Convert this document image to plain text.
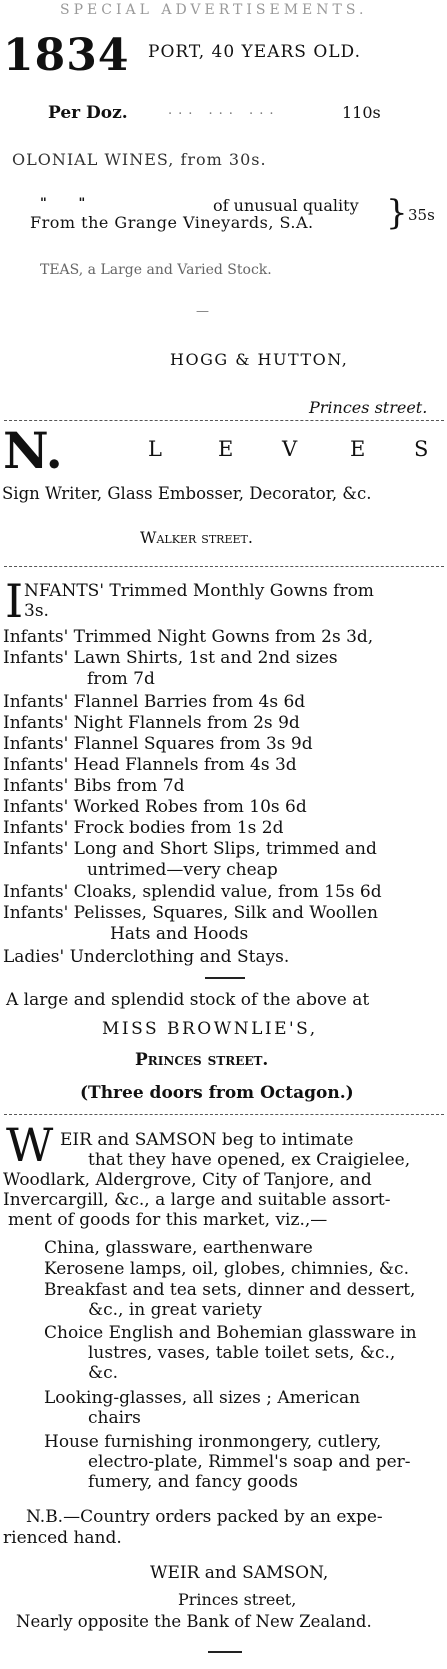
SPECIAL ADVERTISEMENTS.
1834 PORT, 40 YEARS OLD.
Per Doz.	... ... ...	110s
OLONIAL WINES, from 30s.
"       "	of unusual quality
From the Grange Vineyards, S.A. } 35s
TEAS, a Large and Varied Stock.
—
HOGG & HUTTON,
Princes street.
N.	L	E V	E S
Sign Writer, Glass Embosser, Decorator, &c.
Walker street.
I NFANTS' Trimmed Monthly Gowns from
3s.
Infants' Trimmed Night Gowns from 2s 3d,
Infants' Lawn Shirts, 1st and 2nd sizes
from 7d
Infants' Flannel Barries from 4s 6d
Infants' Night Flannels from 2s 9d
Infants' Flannel Squares from 3s 9d
Infants' Head Flannels from 4s 3d
Infants' Bibs from 7d
Infants' Worked Robes from 10s 6d
Infants' Frock bodies from 1s 2d
Infants' Long and Short Slips, trimmed and
untrimed—very cheap
Infants' Cloaks, splendid value, from 15s 6d
Infants' Pelisses, Squares, Silk and Woollen
Hats and Hoods
Ladies' Underclothing and Stays.
A large and splendid stock of the above at
MISS BROWNLIE'S,
Princes street.
(Three doors from Octagon.)
W EIR and SAMSON beg to intimate
that they have opened, ex Craigielee,
Woodlark, Aldergrove, City of Tanjore, and
Invercargill, &c., a large and suitable assort-
ment of goods for this market, viz.,—
China, glassware, earthenware
Kerosene lamps, oil, globes, chimnies, &c.
Breakfast and tea sets, dinner and dessert,
&c., in great variety
Choice English and Bohemian glassware in
lustres, vases, table toilet sets, &c.,
&c.
Looking-glasses, all sizes ; American
chairs
House furnishing ironmongery, cutlery,
electro-plate, Rimmel's soap and per-
fumery, and fancy goods
N.B.—Country orders packed by an expe-
rienced hand.
WEIR and SAMSON,
Princes street,
Nearly opposite the Bank of New Zealand.
